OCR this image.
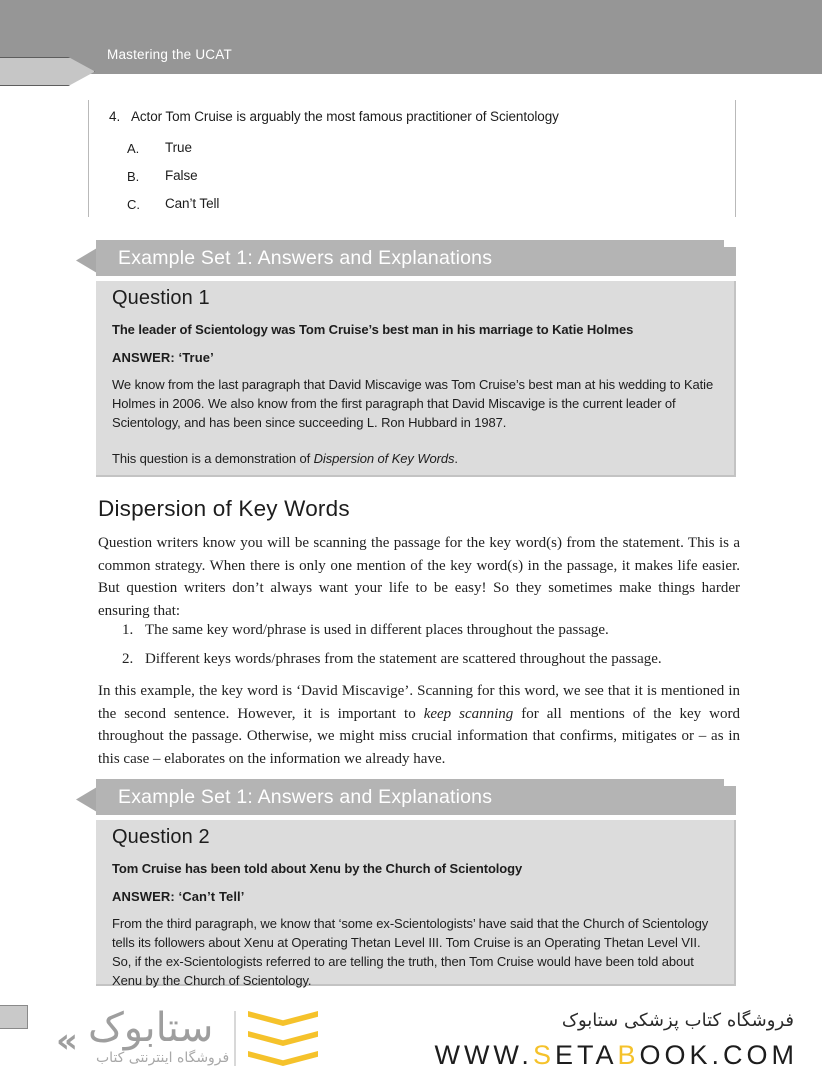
Mastering the UCAT
4. Actor Tom Cruise is arguably the most famous practitioner of Scientology
A. True
B. False
C. Can’t Tell
Example Set 1: Answers and Explanations
Question 1
The leader of Scientology was Tom Cruise’s best man in his marriage to Katie Holmes
ANSWER: ‘True’
We know from the last paragraph that David Miscavige was Tom Cruise’s best man at his wedding to Katie Holmes in 2006. We also know from the first paragraph that David Miscavige is the current leader of Scientology, and has been since succeeding L. Ron Hubbard in 1987.
This question is a demonstration of Dispersion of Key Words.
Dispersion of Key Words
Question writers know you will be scanning the passage for the key word(s) from the statement. This is a common strategy. When there is only one mention of the key word(s) in the passage, it makes life easier. But question writers don’t always want your life to be easy! So they sometimes make things harder ensuring that:
1. The same key word/phrase is used in different places throughout the passage.
2. Different keys words/phrases from the statement are scattered throughout the passage.
In this example, the key word is ‘David Miscavige’. Scanning for this word, we see that it is mentioned in the second sentence. However, it is important to keep scanning for all mentions of the key word throughout the passage. Otherwise, we might miss crucial information that confirms, mitigates or – as in this case – elaborates on the information we already have.
Example Set 1: Answers and Explanations
Question 2
Tom Cruise has been told about Xenu by the Church of Scientology
ANSWER: ‘Can’t Tell’
From the third paragraph, we know that ‘some ex-Scientologists’ have said that the Church of Scientology tells its followers about Xenu at Operating Thetan Level III. Tom Cruise is an Operating Thetan Level VII. So, if the ex-Scientologists referred to are telling the truth, then Tom Cruise would have been told about Xenu by the Church of Scientology.
« ستابوک
فروشگاه اینترنتی کتاب
فروشگاه کتاب پزشکی ستابوک
WWW.SETABOOK.COM
